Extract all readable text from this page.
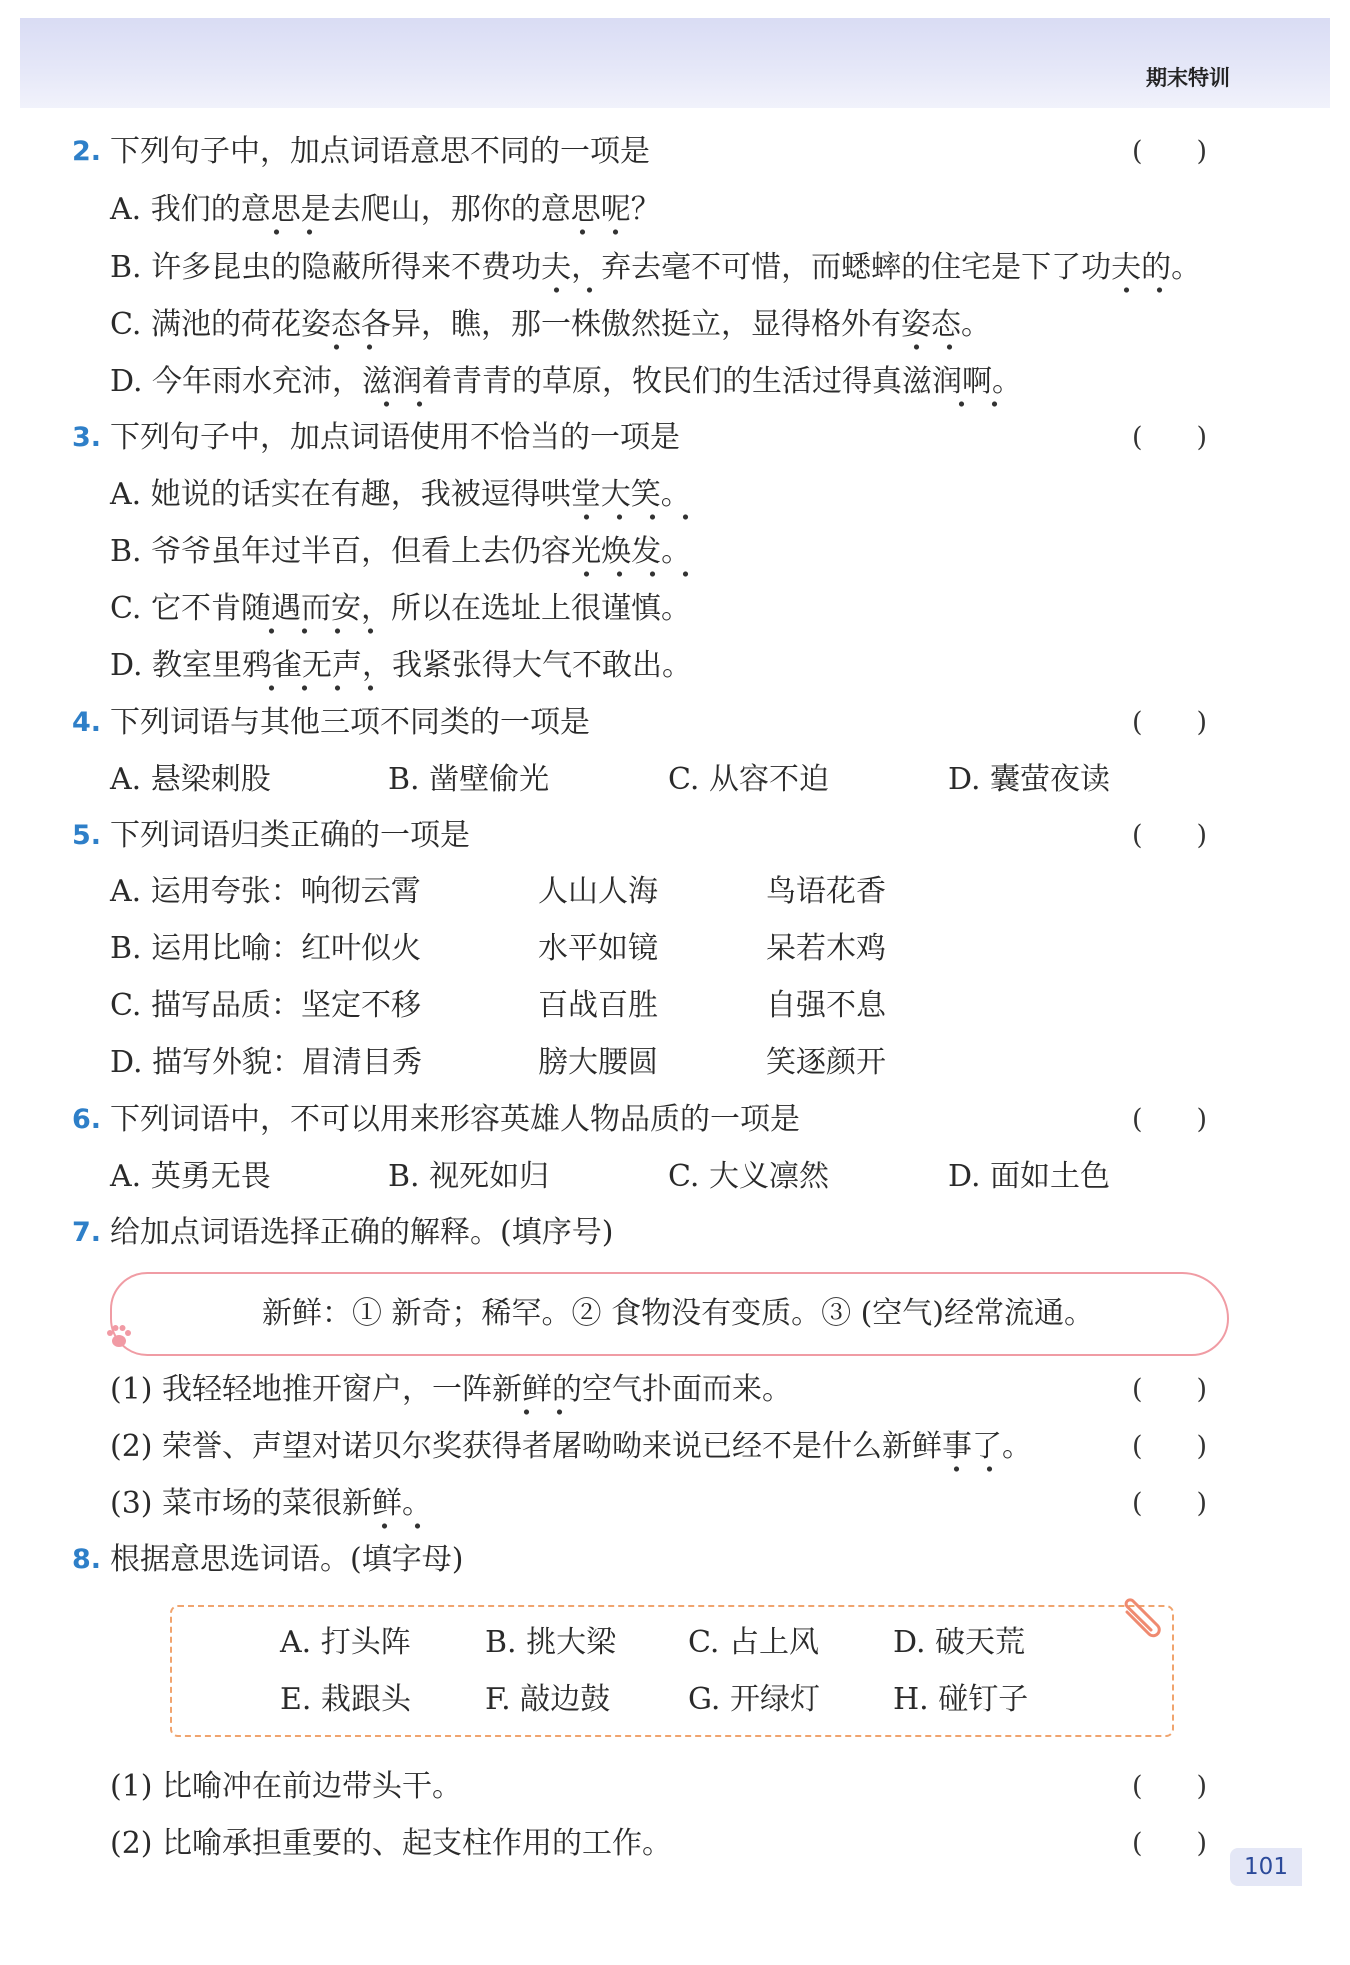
期末特训
2. 下列句子中，加点词语意思不同的一项是	(　　)
A. 我们的意思是去爬山，那你的意思呢？
B. 许多昆虫的隐蔽所得来不费功夫，弃去毫不可惜，而蟋蟀的住宅是下了功夫的。
C. 满池的荷花姿态各异，瞧，那一株傲然挺立，显得格外有姿态。
D. 今年雨水充沛，滋润着青青的草原，牧民们的生活过得真滋润啊。
3. 下列句子中，加点词语使用不恰当的一项是	(　　)
A. 她说的话实在有趣，我被逗得哄堂大笑。
B. 爷爷虽年过半百，但看上去仍容光焕发。
C. 它不肯随遇而安，所以在选址上很谨慎。
D. 教室里鸦雀无声，我紧张得大气不敢出。
4. 下列词语与其他三项不同类的一项是	(　　)
A. 悬梁刺股	B. 凿壁偷光	C. 从容不迫	D. 囊萤夜读
5. 下列词语归类正确的一项是	(　　)
A. 运用夸张：响彻云霄	人山人海	鸟语花香
B. 运用比喻：红叶似火	水平如镜	呆若木鸡
C. 描写品质：坚定不移	百战百胜	自强不息
D. 描写外貌：眉清目秀	膀大腰圆	笑逐颜开
6. 下列词语中，不可以用来形容英雄人物品质的一项是	(　　)
A. 英勇无畏	B. 视死如归	C. 大义凛然	D. 面如土色
7. 给加点词语选择正确的解释。(填序号)
新鲜：① 新奇；稀罕。② 食物没有变质。③ (空气)经常流通。
(1) 我轻轻地推开窗户，一阵新鲜的空气扑面而来。	(　　)
(2) 荣誉、声望对诺贝尔奖获得者屠呦呦来说已经不是什么新鲜事了。	(　　)
(3) 菜市场的菜很新鲜。	(　　)
8. 根据意思选词语。(填字母)
A. 打头阵 B. 挑大梁 C. 占上风 D. 破天荒
E. 栽跟头 F. 敲边鼓	G. 开绿灯 H. 碰钉子
(1) 比喻冲在前边带头干。	(　　)
(2) 比喻承担重要的、起支柱作用的工作。	(　　)
101
